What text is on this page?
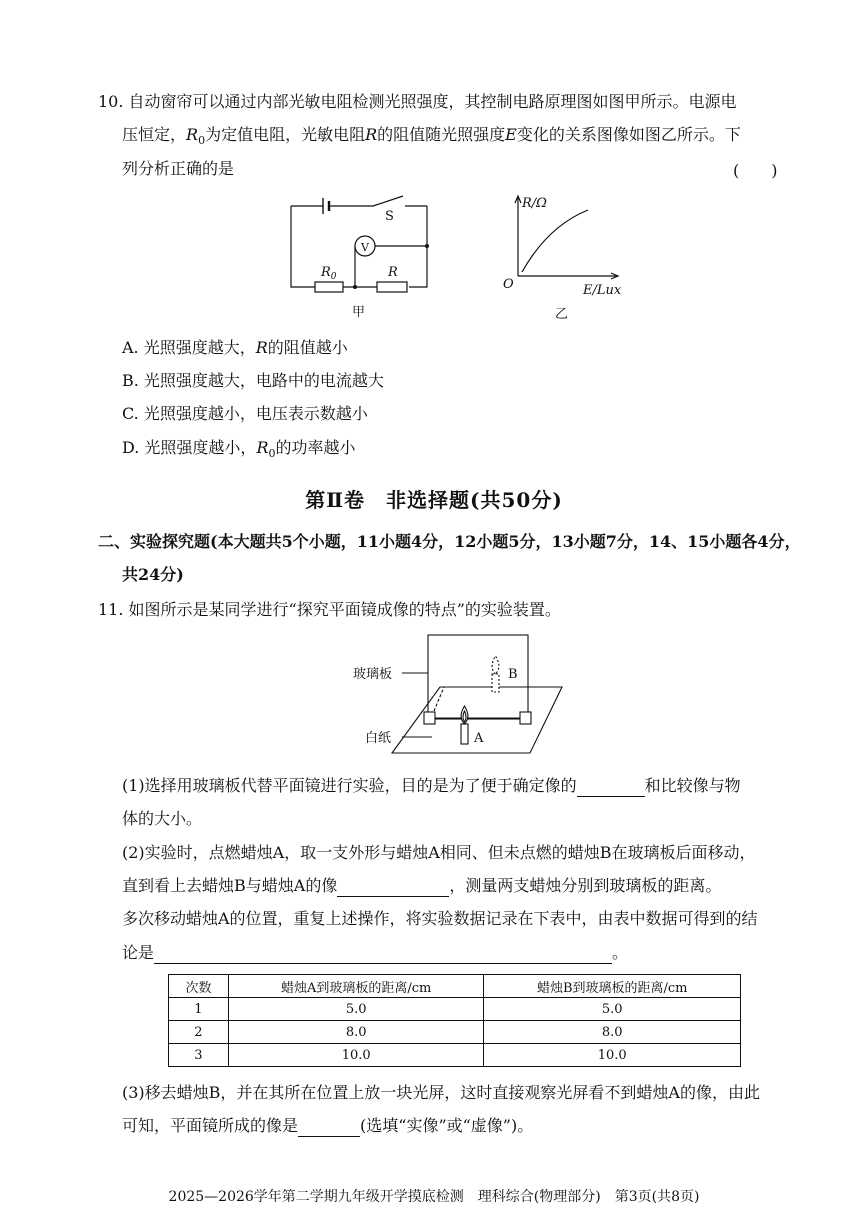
10. 自动窗帘可以通过内部光敏电阻检测光照强度，其控制电路原理图如图甲所示。电源电
压恒定，$R_0$为定值电阻，光敏电阻R的阻值随光照强度E变化的关系图像如图乙所示。下
列分析正确的是	(　　)
S
V
$R_0$	R
甲
R/Ω
O	E/Lux
乙
A. 光照强度越大，R的阻值越小
B. 光照强度越大，电路中的电流越大
C. 光照强度越小，电压表示数越小
D. 光照强度越小，$R_0$的功率越小
第Ⅱ卷　非选择题(共50分)
二、实验探究题(本大题共5个小题，11小题4分，12小题5分，13小题7分，14、15小题各4分，
共24分)
11. 如图所示是某同学进行“探究平面镜成像的特点”的实验装置。
玻璃板
白纸	A
B
(1)选择用玻璃板代替平面镜进行实验，目的是为了便于确定像的	和比较像与物
体的大小。
(2)实验时，点燃蜡烛A，取一支外形与蜡烛A相同、但未点燃的蜡烛B在玻璃板后面移动，
直到看上去蜡烛B与蜡烛A的像	，测量两支蜡烛分别到玻璃板的距离。
多次移动蜡烛A的位置，重复上述操作，将实验数据记录在下表中，由表中数据可得到的结
论是	。
次数	蜡烛A到玻璃板的距离/cm	蜡烛B到玻璃板的距离/cm
1	5.0	5.0
2	8.0	8.0
3	10.0	10.0
(3)移去蜡烛B，并在其所在位置上放一块光屏，这时直接观察光屏看不到蜡烛A的像，由此
可知，平面镜所成的像是	(选填“实像”或“虚像”)。
2025—2026学年第二学期九年级开学摸底检测　理科综合(物理部分)　第3页(共8页)
